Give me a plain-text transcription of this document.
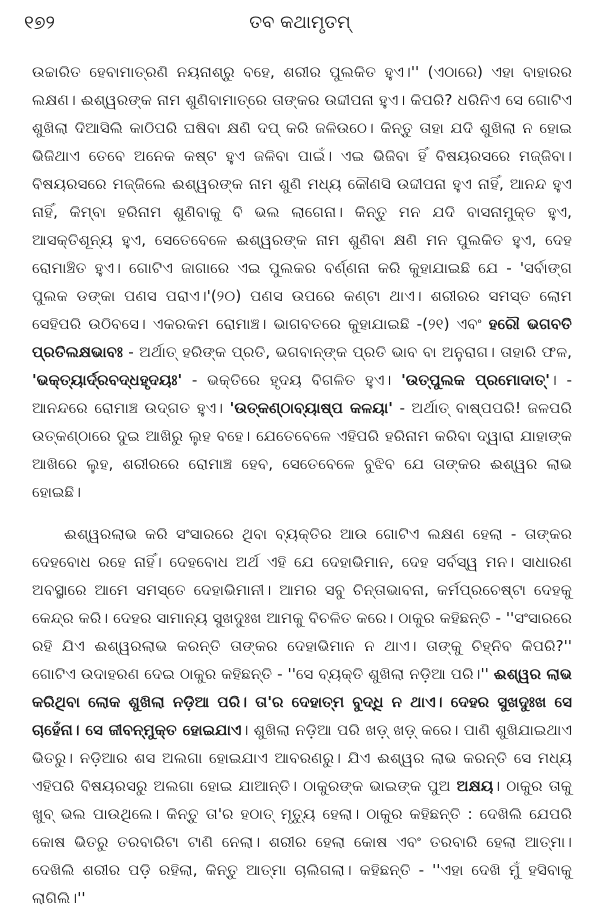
୧୭୨	ତବ କଥାମୃତମ୍

ଉଚ୍ଚାରିତ ହେବାମାତ୍ରଣି ନୟନାଶ୍ରୁ ବହେ, ଶରୀର ପୁଲକିତ ହୁଏ।'' (ଏଠାରେ) ଏହା ବାହାରର ଲକ୍ଷଣ। ଈଶ୍ୱରଙ୍କ ନାମ ଶୁଣିବାମାତ୍ରେ ତାଙ୍କର ଉଦ୍ଦୀପନା ହୁଏ। କିପରି? ଧରିନିଏ ସେ ଗୋଟିଏ ଶୁଖିଲା ଦିଆସିଲି କାଠିପରି ଘଷିବା କ୍ଷଣି ଦପ୍ କରି ଜଳିଉଠେ। କିନ୍ତୁ ତାହା ଯଦି ଶୁଖିଲା ନ ହୋଇ ଭିଜିଥାଏ ତେବେ ଅନେକ କଷ୍ଟ ହୁଏ ଜଳିବା ପାଇଁ। ଏଇ ଭିଜିବା ହିଁ ବିଷୟରସରେ ମଜ୍ଜିବା। ବିଷୟରସରେ ମଜ୍ଜିଲେ ଈଶ୍ୱରଙ୍କ ନାମ ଶୁଣି ମଧ୍ୟ କୌଣସି ଉଦ୍ଦୀପନା ହୁଏ ନାହିଁ, ଆନନ୍ଦ ହୁଏ ନାହିଁ, କିମ୍ବା ହରିନାମ ଶୁଣିବାକୁ ବି ଭଲ ଲାଗେନା। କିନ୍ତୁ ମନ ଯଦି ବାସନାମୁକ୍ତ ହୁଏ, ଆସକ୍ତିଶୂନ୍ୟ ହୁଏ, ସେତେବେଳେ ଈଶ୍ୱରଙ୍କ ନାମ ଶୁଣିବା କ୍ଷଣି ମନ ପୁଲକିତ ହୁଏ, ଦେହ ରୋମାଞ୍ଚିତ ହୁଏ। ଗୋଟିଏ ଜାଗାରେ ଏଇ ପୁଲକର ବର୍ଣ୍ଣନା କରି କୁହାଯାଇଛି ଯେ - 'ସର୍ବାଙ୍ଗ ପୁଲକ ଡଙ୍କା ପଣସ ପରାଏ।'(୨୦) ପଣସ ଉପରେ କଣ୍ଟା ଥାଏ। ଶରୀରର ସମସ୍ତ ଲୋମ ସେହିପରି ଉଠିବସେ। ଏକରକମ ରୋମାଞ୍ଚ। ଭାଗବତରେ କୁହାଯାଇଛି -(୨୧) ଏବଂ ହରୌ ଭଗବତି ପ୍ରତିଲକ୍ଷଭାବଃ - ଅର୍ଥାତ୍ ହରିଙ୍କ ପ୍ରତି, ଭଗବାନ୍‌ଙ୍କ ପ୍ରତି ଭାବ ବା ଅନୁରାଗ। ତାହାରି ଫଳ, 'ଭକ୍ତ୍ୟାର୍ଦ୍ରବଦ୍ଧହୃଦୟଃ' - ଭକ୍ତିରେ ହୃଦୟ ବିଗଳିତ ହୁଏ। 'ଉତ୍ପୁଲକ ପ୍ରମୋଦାତ୍'। - ଆନନ୍ଦରେ ରୋମାଞ୍ଚ ଉଦ୍‌ଗତ ହୁଏ। 'ଉତ୍କଣ୍ଠାବ୍ୟାଷ୍ପ କଳୟା' - ଅର୍ଥାତ୍ ବାଷ୍ପପରି! ଜଳପରି ଉତ୍କଣ୍ଠାରେ ଦୁଇ ଆଖିରୁ ଲୁହ ବହେ। ଯେତେବେଳେ ଏହିପରି ହରିନାମ କରିବା ଦ୍ୱାରା ଯାହାଙ୍କ ଆଖିରେ ଲୁହ, ଶରୀରରେ ରୋମାଞ୍ଚ ହେବ, ସେତେବେଳେ ବୁଝିବ ଯେ ତାଙ୍କର ଈଶ୍ୱର ଲାଭ ହୋଇଛି।

ଈଶ୍ୱରଲାଭ କରି ସଂସାରରେ ଥିବା ବ୍ୟକ୍ତିର ଆଉ ଗୋଟିଏ ଲକ୍ଷଣ ହେଲା - ତାଙ୍କର ଦେହବୋଧ ରହେ ନାହିଁ। ଦେହବୋଧ ଅର୍ଥ ଏହି ଯେ ଦେହାଭିମାନ, ଦେହ ସର୍ବସ୍ୱ ମନ। ସାଧାରଣ ଅବସ୍ଥାରେ ଆମେ ସମସ୍ତେ ଦେହାଭିମାନୀ। ଆମର ସବୁ ଚିନ୍ତାଭାବନା, କର୍ମପ୍ରଚେଷ୍ଟା ଦେହକୁ କେନ୍ଦ୍ର କରି। ଦେହର ସାମାନ୍ୟ ସୁଖଦୁଃଖ ଆମକୁ ବିଚଳିତ କରେ। ଠାକୁର କହିଛନ୍ତି - ''ସଂସାରରେ ରହି ଯିଏ ଈଶ୍ୱରଲାଭ କରନ୍ତି ତାଙ୍କର ଦେହାଭିମାନ ନ ଥାଏ। ତାଙ୍କୁ ଚିହ୍ନିବ କିପରି?'' ଗୋଟିଏ ଉଦାହରଣ ଦେଇ ଠାକୁର କହିଛନ୍ତି - ''ସେ ବ୍ୟକ୍ତି ଶୁଖିଲା ନଡ଼ିଆ ପରି।'' ଈଶ୍ୱର ଲାଭ କରିଥିବା ଲୋକ ଶୁଖିଲା ନଡ଼ିଆ ପରି। ତା'ର ଦେହାତ୍ମ ବୁଦ୍ଧି ନ ଥାଏ। ଦେହର ସୁଖଦୁଃଖ ସେ ଚାହେଁନା। ସେ ଜୀବନ୍ମୁକ୍ତ ହୋଇଯାଏ। ଶୁଖିଲା ନଡ଼ିଆ ପରି ଖଡ଼୍ ଖଡ଼୍ କରେ। ପାଣି ଶୁଖିଯାଇଥାଏ ଭିତରୁ। ନଡ଼ିଆର ଶସ ଅଲଗା ହୋଇଯାଏ ଆବରଣରୁ। ଯିଏ ଈଶ୍ୱର ଲାଭ କରନ୍ତି ସେ ମଧ୍ୟ ଏହିପରି ବିଷୟରସରୁ ଅଲଗା ହୋଇ ଯାଆନ୍ତି। ଠାକୁରଙ୍କ ଭାଇଙ୍କ ପୁଅ ଅକ୍ଷୟ। ଠାକୁର ତାକୁ ଖୁବ୍ ଭଲ ପାଉଥିଲେ। କିନ୍ତୁ ତା'ର ହଠାତ୍ ମୃତ୍ୟୁ ହେଲା। ଠାକୁର କହିଛନ୍ତି : ଦେଖିଲି ଯେପରି କୋଷ ଭିତରୁ ତରବାରିଟା ଟାଣି ନେଲା। ଶରୀର ହେଲା କୋଷ ଏବଂ ତରବାରି ହେଲା ଆତ୍ମା। ଦେଖିଲି ଶରୀର ପଡ଼ି ରହିଲା, କିନ୍ତୁ ଆତ୍ମା ଚାଲିଗଲା। କହିଛନ୍ତି - ''ଏହା ଦେଖି ମୁଁ ହସିବାକୁ ଲାଗିଲି।''
